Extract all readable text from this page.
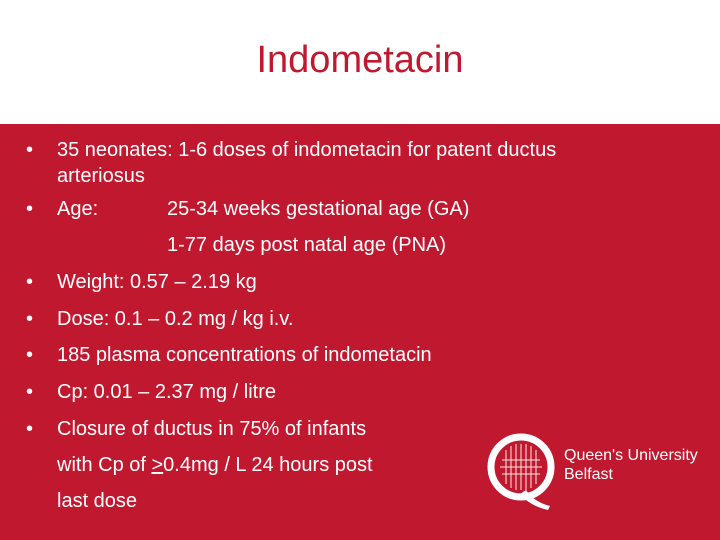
Indometacin
• 35 neonates: 1-6 doses of indometacin for patent ductus
arteriosus
• Age:	25-34 weeks gestational age (GA)
1-77 days post natal age (PNA)
• Weight: 0.57 – 2.19 kg
• Dose: 0.1 – 0.2 mg / kg i.v.
• 185 plasma concentrations of indometacin
• Cp: 0.01 – 2.37 mg / litre
• Closure of ductus in 75% of infants
with Cp of ≥0.4mg / L 24 hours post
last dose
Queen's University
Belfast
